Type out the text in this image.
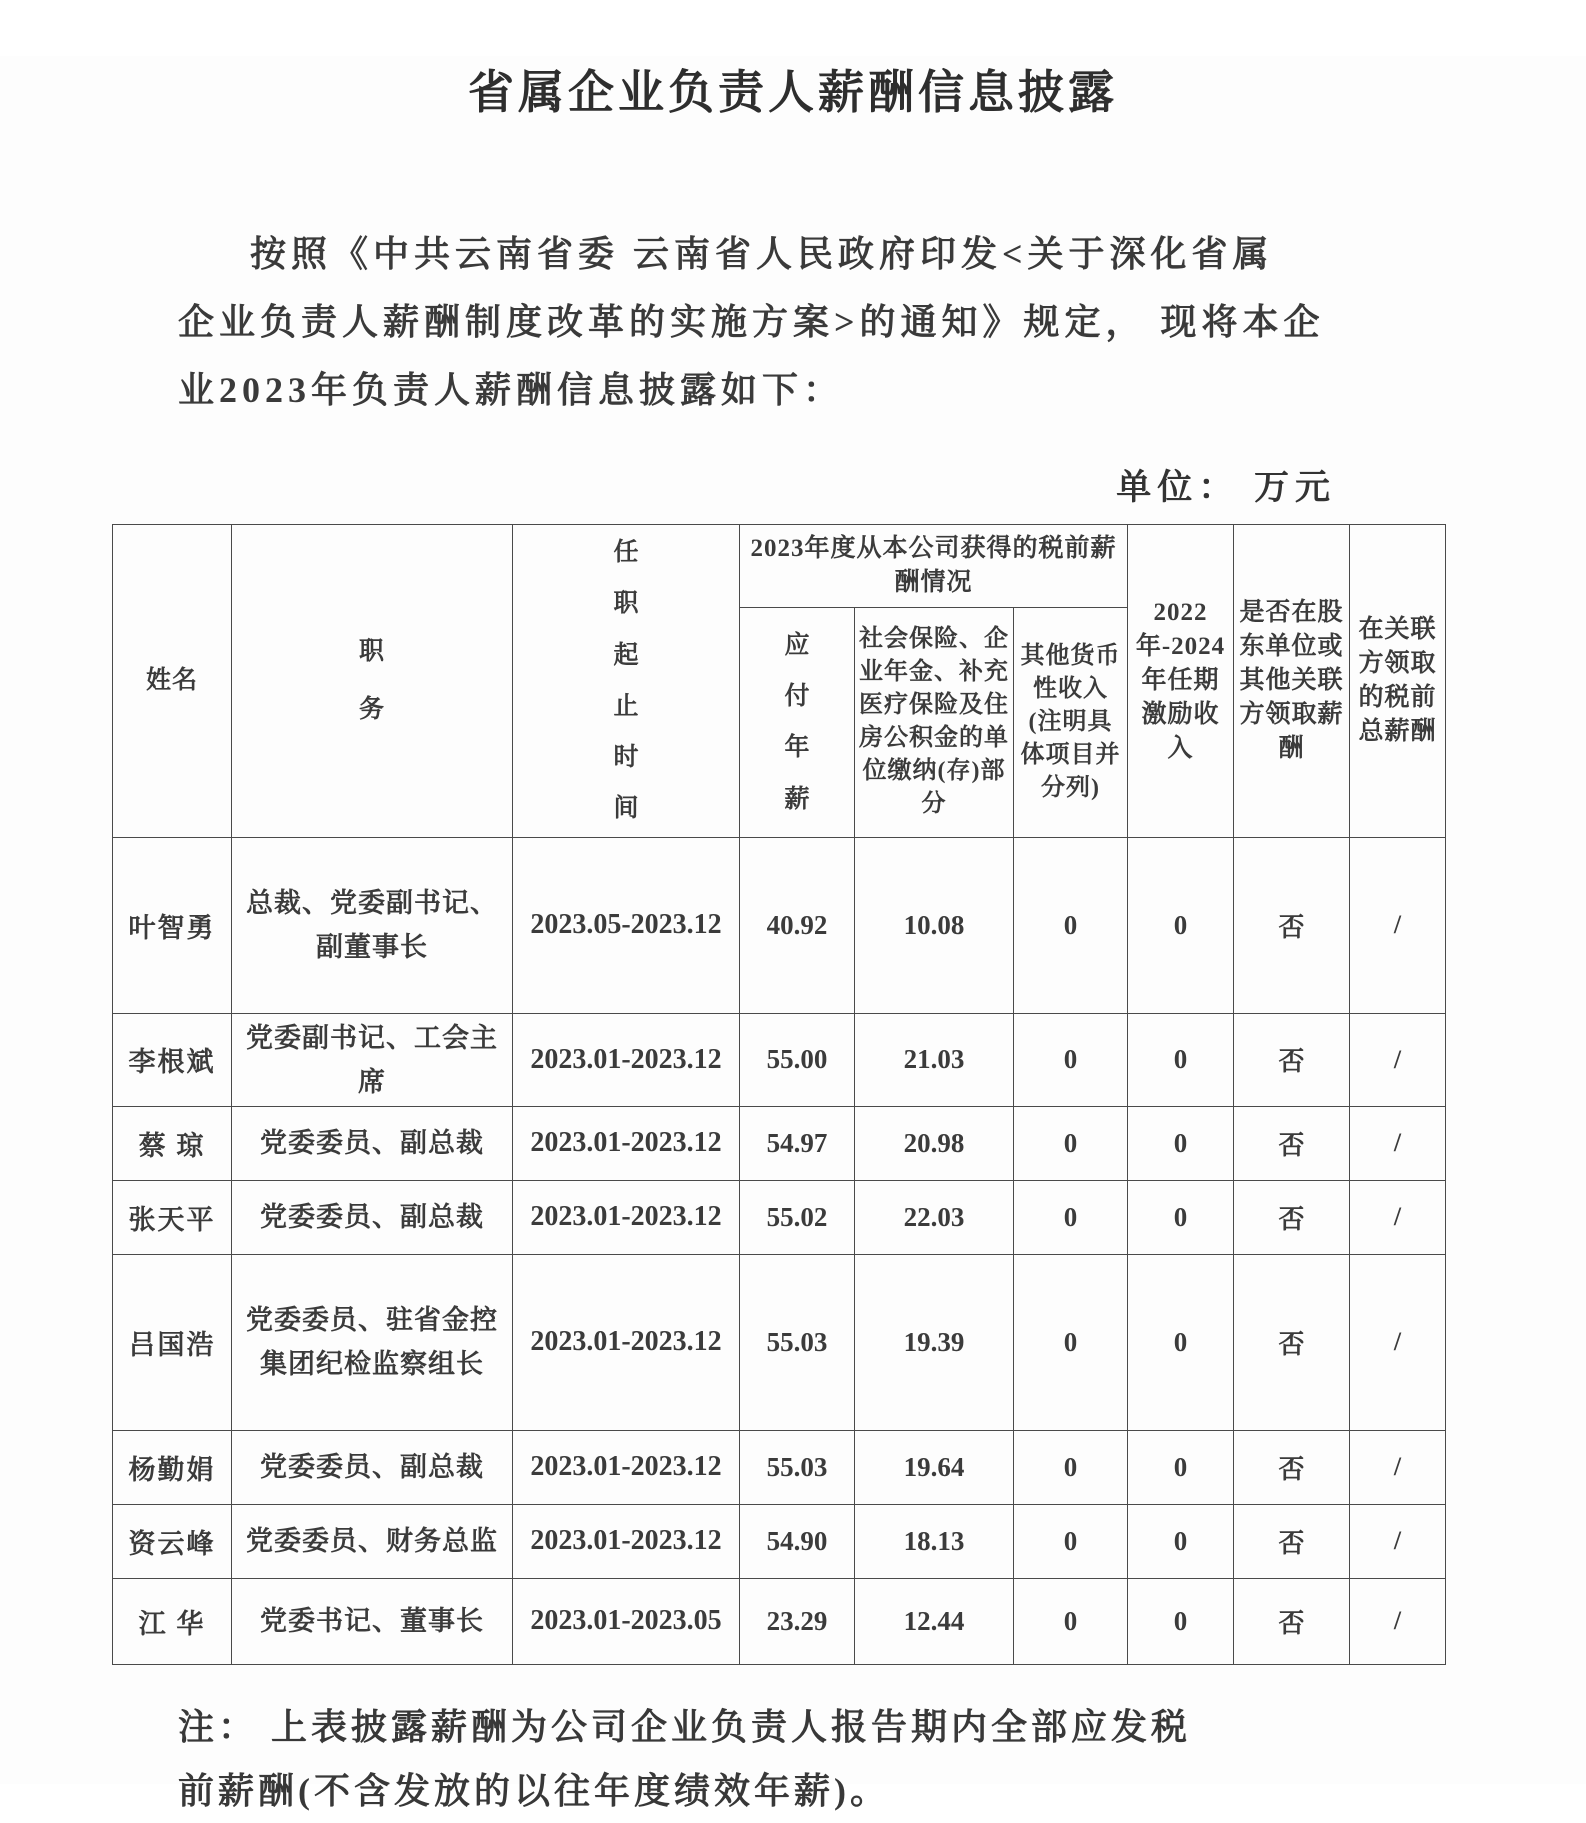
省属企业负责人薪酬信息披露
按照《中共云南省委 云南省人民政府印发<关于深化省属
企业负责人薪酬制度改革的实施方案>的通知》规定， 现将本企
业2023年负责人薪酬信息披露如下：
单位： 万元
姓名	职务	任职起止时间	2023年度从本公司获得的税前薪酬情况			2022年-2024年任期激励收入	是否在股东单位或其他关联方领取薪酬	在关联方领取的税前总薪酬

			应付年薪	社会保险、企业年金、补充医疗保险及住房公积金的单位缴纳(存)部分	其他货币性收入(注明具体项目并分列)			
叶智勇	总裁、党委副书记、副董事长	2023.05-2023.12	40.92	10.08	0	0	否	/
李根斌	党委副书记、工会主席	2023.01-2023.12	55.00	21.03	0	0	否	/
蔡 琼	党委委员、副总裁	2023.01-2023.12	54.97	20.98	0	0	否	/
张天平	党委委员、副总裁	2023.01-2023.12	55.02	22.03	0	0	否	/
吕国浩	党委委员、驻省金控集团纪检监察组长	2023.01-2023.12	55.03	19.39	0	0	否	/
杨勤娟	党委委员、副总裁	2023.01-2023.12	55.03	19.64	0	0	否	/
资云峰	党委委员、财务总监	2023.01-2023.12	54.90	18.13	0	0	否	/
江 华	党委书记、董事长	2023.01-2023.05	23.29	12.44	0	0	否	/
注： 上表披露薪酬为公司企业负责人报告期内全部应发税
前薪酬(不含发放的以往年度绩效年薪)。
